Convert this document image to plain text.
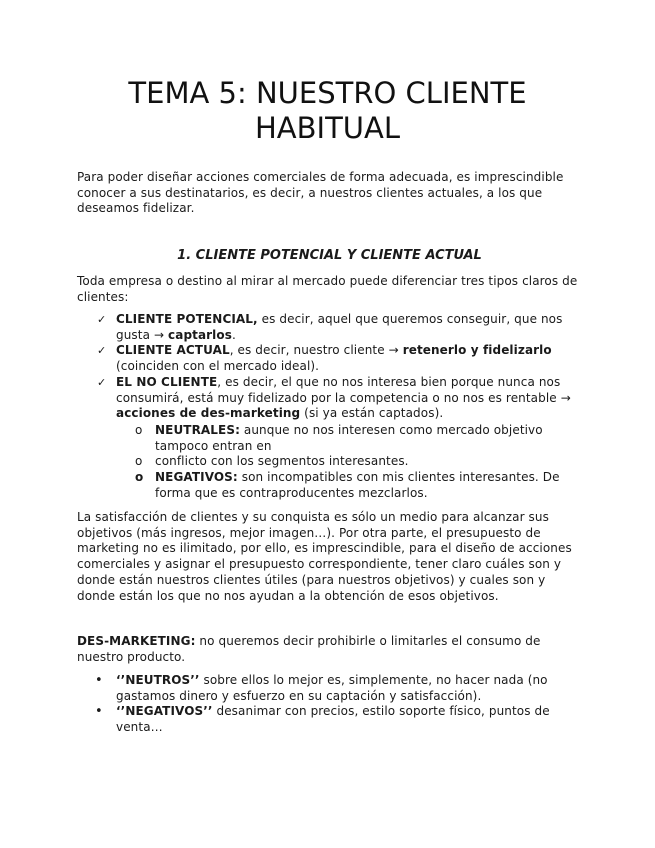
TEMA 5: NUESTRO CLIENTE HABITUAL

Para poder diseñar acciones comerciales de forma adecuada, es imprescindible conocer a sus destinatarios, es decir, a nuestros clientes actuales, a los que deseamos fidelizar.

1. CLIENTE POTENCIAL Y CLIENTE ACTUAL

Toda empresa o destino al mirar al mercado puede diferenciar tres tipos claros de clientes:

✓ CLIENTE POTENCIAL, es decir, aquel que queremos conseguir, que nos gusta → captarlos.
✓ CLIENTE ACTUAL, es decir, nuestro cliente → retenerlo y fidelizarlo (coinciden con el mercado ideal).
✓ EL NO CLIENTE, es decir, el que no nos interesa bien porque nunca nos consumirá, está muy fidelizado por la competencia o no nos es rentable → acciones de des-marketing (si ya están captados).
o NEUTRALES: aunque no nos interesen como mercado objetivo tampoco entran en
o conflicto con los segmentos interesantes.
o NEGATIVOS: son incompatibles con mis clientes interesantes. De forma que es contraproducentes mezclarlos.

La satisfacción de clientes y su conquista es sólo un medio para alcanzar sus objetivos (más ingresos, mejor imagen…). Por otra parte, el presupuesto de marketing no es ilimitado, por ello, es imprescindible, para el diseño de acciones comerciales y asignar el presupuesto correspondiente, tener claro cuáles son y donde están nuestros clientes útiles (para nuestros objetivos) y cuales son y donde están los que no nos ayudan a la obtención de esos objetivos.

DES-MARKETING: no queremos decir prohibirle o limitarles el consumo de nuestro producto.

• ‘’NEUTROS’’ sobre ellos lo mejor es, simplemente, no hacer nada (no gastamos dinero y esfuerzo en su captación y satisfacción).
• ‘’NEGATIVOS’’ desanimar con precios, estilo soporte físico, puntos de venta…
